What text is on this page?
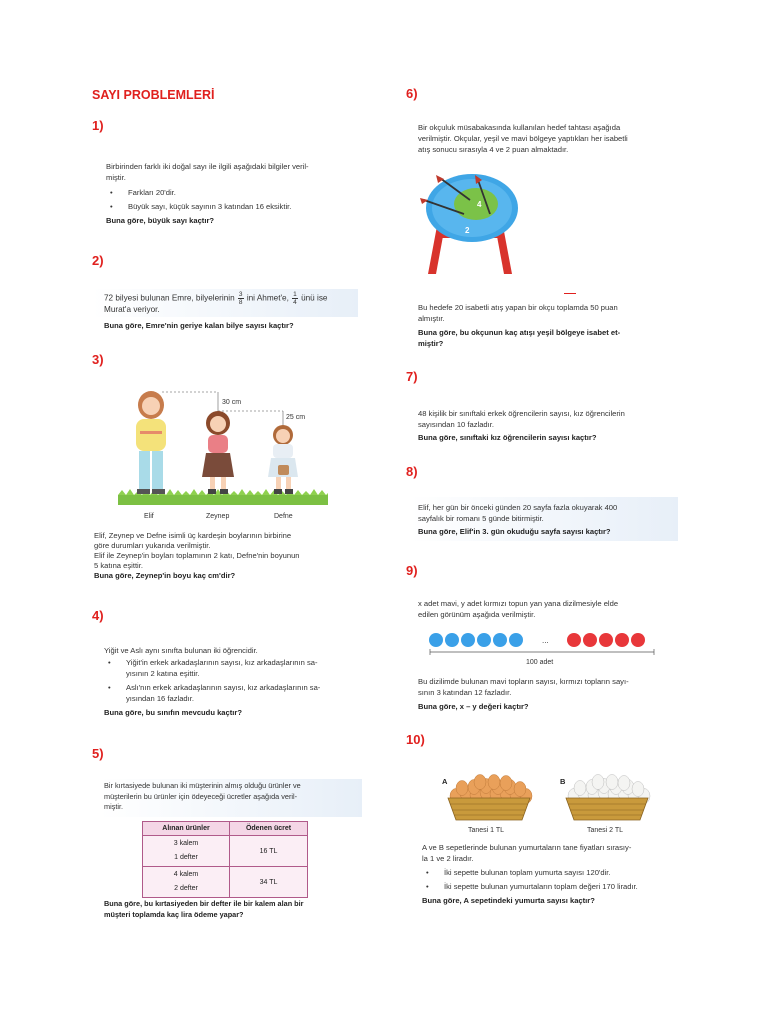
SAYI PROBLEMLERİ
1)
Birbirinden farklı iki doğal sayı ile ilgili aşağıdaki bilgiler veril-
miştir.
• Farkları 20'dir.
• Büyük sayı, küçük sayının 3 katından 16 eksiktir.
Buna göre, büyük sayı kaçtır?
2)
72 bilyesi bulunan Emre, bilyelerinin $\frac{3}{8}$ ini Ahmet'e, $\frac{1}{4}$ ünü ise
Murat'a veriyor.
Buna göre, Emre'nin geriye kalan bilye sayısı kaçtır?
3)
30 cm
25 cm
Elif	Zeynep	Defne
Elif, Zeynep ve Defne isimli üç kardeşin boylarının birbirine
göre durumları yukarıda verilmiştir.
Elif ile Zeynep'in boyları toplamının 2 katı, Defne'nin boyunun
5 katına eşittir.
Buna göre, Zeynep'in boyu kaç cm'dir?
4)
Yiğit ve Aslı aynı sınıfta bulunan iki öğrencidir.
• Yiğit'in erkek arkadaşlarının sayısı, kız arkadaşlarının sa-
yısının 2 katına eşittir.
• Aslı'nın erkek arkadaşlarının sayısı, kız arkadaşlarının sa-
yısından 16 fazladır.
Buna göre, bu sınıfın mevcudu kaçtır?
5)
Bir kırtasiyede bulunan iki müşterinin almış olduğu ürünler ve
müşterilerin bu ürünler için ödeyeceği ücretler aşağıda veril-
miştir.
Alınan ürünler	Ödenen ücret

3 kalem
1 defter	16 TL

4 kalem
2 defter	34 TL
Buna göre, bu kırtasiyeden bir defter ile bir kalem alan bir
müşteri toplamda kaç lira ödeme yapar?
6)
Bir okçuluk müsabakasında kullanılan hedef tahtası aşağıda
verilmiştir. Okçular, yeşil ve mavi bölgeye yaptıkları her isabetli
atış sonucu sırasıyla 4 ve 2 puan almaktadır.
4
2
Bu hedefe 20 isabetli atış yapan bir okçu toplamda 50 puan
almıştır.
Buna göre, bu okçunun kaç atışı yeşil bölgeye isabet et-
miştir?
7)
48 kişilik bir sınıftaki erkek öğrencilerin sayısı, kız öğrencilerin
sayısından 10 fazladır.
Buna göre, sınıftaki kız öğrencilerin sayısı kaçtır?
8)
Elif, her gün bir önceki günden 20 sayfa fazla okuyarak 400
sayfalık bir romanı 5 günde bitirmiştir.
Buna göre, Elif'in 3. gün okuduğu sayfa sayısı kaçtır?
9)
x adet mavi, y adet kırmızı topun yan yana dizilmesiyle elde
edilen görünüm aşağıda verilmiştir.
...
100 adet
Bu dizilimde bulunan mavi topların sayısı, kırmızı topların sayı-
sının 3 katından 12 fazladır.
Buna göre, x – y değeri kaçtır?
10)
A	B
Tanesi 1 TL	Tanesi 2 TL
A ve B sepetlerinde bulunan yumurtaların tane fiyatları sırasıy-
la 1 ve 2 liradır.
• İki sepette bulunan toplam yumurta sayısı 120'dir.
• İki sepette bulunan yumurtaların toplam değeri 170 liradır.
Buna göre, A sepetindeki yumurta sayısı kaçtır?
